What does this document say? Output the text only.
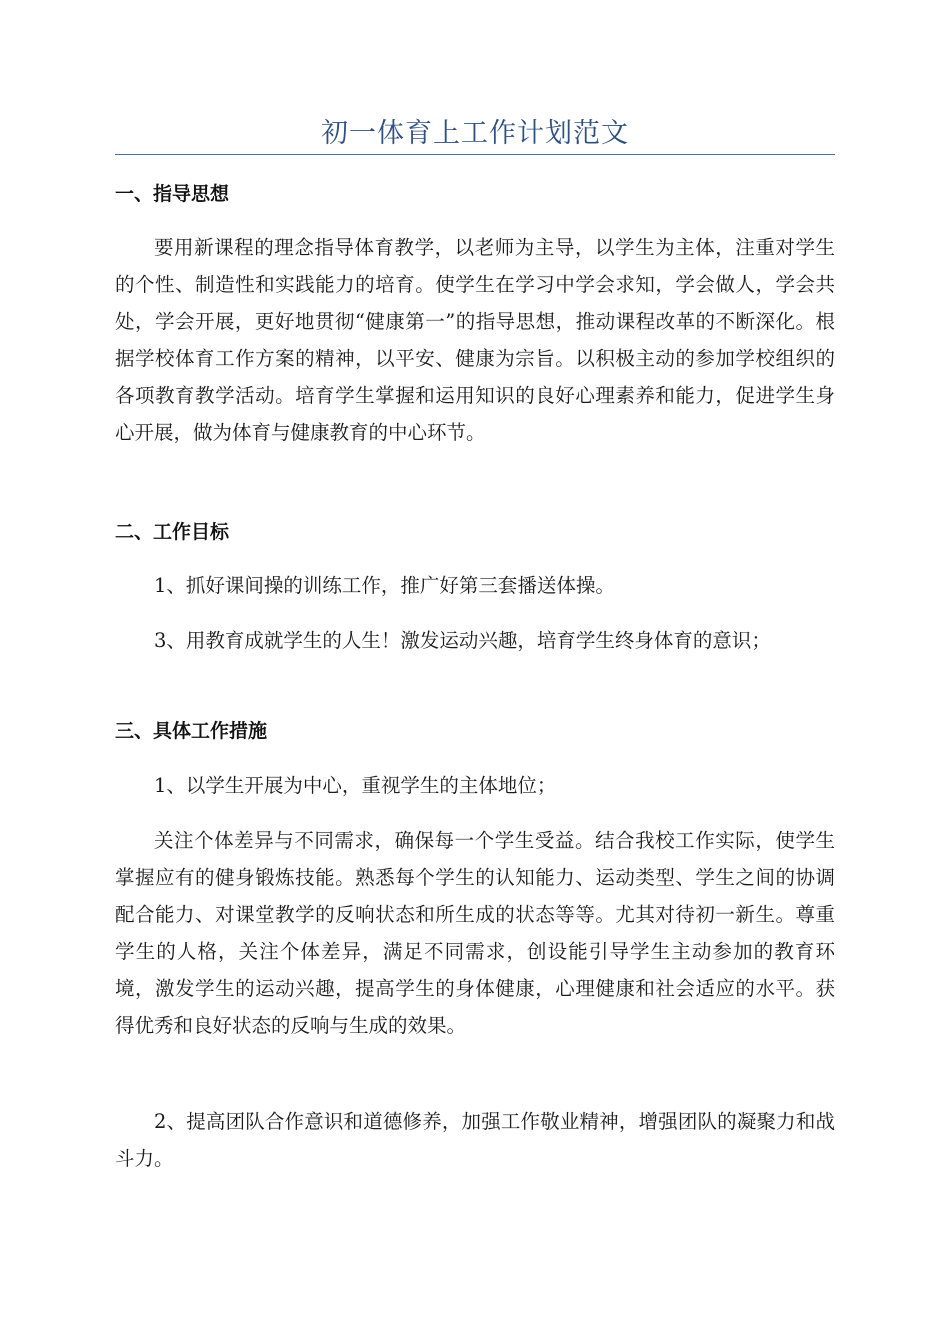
初一体育上工作计划范文
一、指导思想

要用新课程的理念指导体育教学，以老师为主导，以学生为主体，注重对学生的个性、制造性和实践能力的培育。使学生在学习中学会求知，学会做人，学会共处，学会开展，更好地贯彻“健康第一”的指导思想，推动课程改革的不断深化。根据学校体育工作方案的精神，以平安、健康为宗旨。以积极主动的参加学校组织的各项教育教学活动。培育学生掌握和运用知识的良好心理素养和能力，促进学生身心开展，做为体育与健康教育的中心环节。

二、工作目标

1、抓好课间操的训练工作，推广好第三套播送体操。

3、用教育成就学生的人生！激发运动兴趣，培育学生终身体育的意识；

三、具体工作措施

1、以学生开展为中心，重视学生的主体地位；

关注个体差异与不同需求，确保每一个学生受益。结合我校工作实际，使学生掌握应有的健身锻炼技能。熟悉每个学生的认知能力、运动类型、学生之间的协调配合能力、对课堂教学的反响状态和所生成的状态等等。尤其对待初一新生。尊重学生的人格，关注个体差异，满足不同需求，创设能引导学生主动参加的教育环境，激发学生的运动兴趣，提高学生的身体健康，心理健康和社会适应的水平。获得优秀和良好状态的反响与生成的效果。

2、提高团队合作意识和道德修养，加强工作敬业精神，增强团队的凝聚力和战斗力。
